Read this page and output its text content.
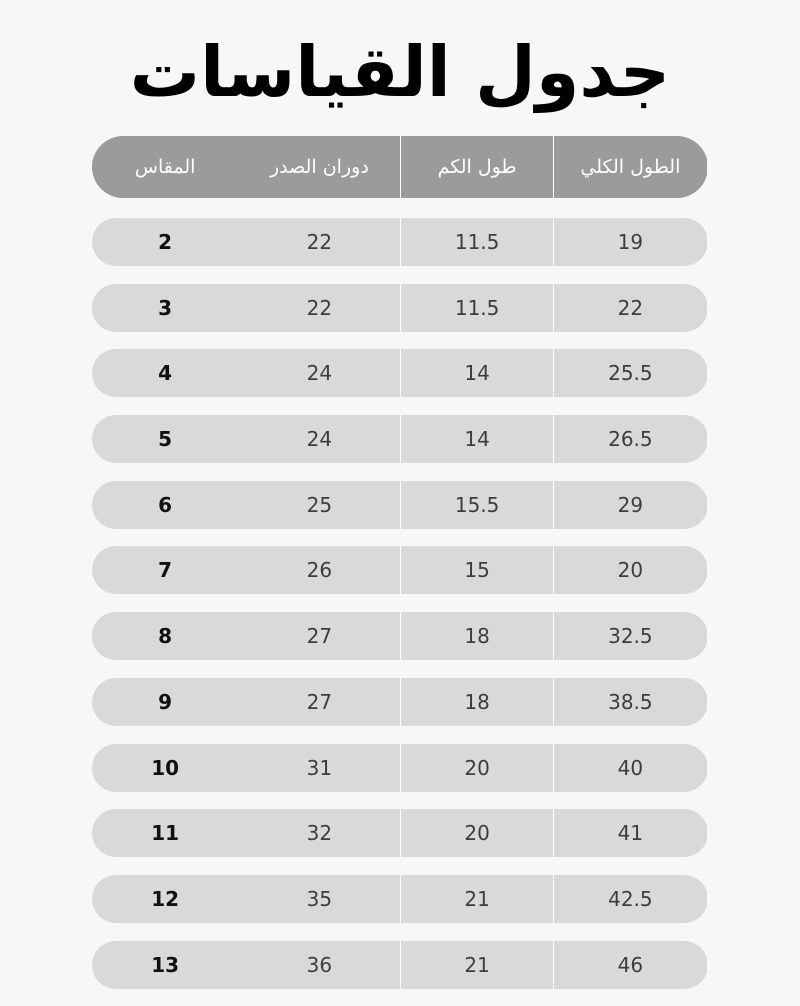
جدول القياسات
الطول الكلي
طول الكم
دوران الصدر
المقاس
19
11.5
22
2
22
11.5
22
3
25.5
14
24
4
26.5
14
24
5
29
15.5
25
6
20
15
26
7
32.5
18
27
8
38.5
18
27
9
40
20
31
10
41
20
32
11
42.5
21
35
12
46
21
36
13
